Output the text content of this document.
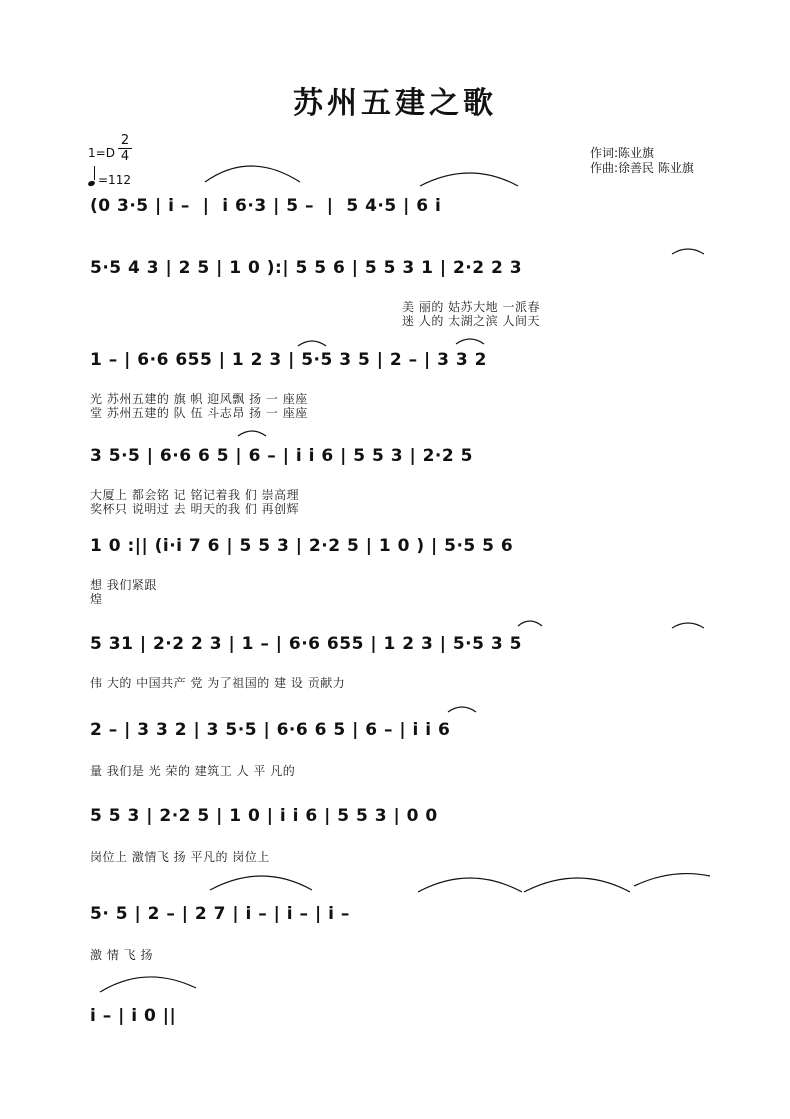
苏州五建之歌
1=D
2
4
=112
作词:陈业旗
作曲:徐善民 陈业旗
(0 3·5 | i –  |  i 6·3 | 5 –  |  5 4·5 | 6 i
5·5 4 3 | 2 5 | 1 0 ):| 5 5 6 | 5 5 3 1 | 2·2 2 3
美 丽的 姑苏大地 一派春
迷 人的 太湖之滨 人间天
1 – | 6·6 655 | 1 2 3 | 5·5 3 5 | 2 – | 3 3 2
光 苏州五建的 旗 帜 迎风飘 扬 一 座座
堂 苏州五建的 队 伍 斗志昂 扬 一 座座
3 5·5 | 6·6 6 5 | 6 – | i i 6 | 5 5 3 | 2·2 5
大厦上 都会铭 记 铭记着我 们 崇高理
奖杯只 说明过 去 明天的我 们 再创辉
1 0 :|| (i·i 7 6 | 5 5 3 | 2·2 5 | 1 0 ) | 5·5 5 6
想 我们紧跟
煌
5 31 | 2·2 2 3 | 1 – | 6·6 655 | 1 2 3 | 5·5 3 5
伟 大的 中国共产 党 为了祖国的 建 设 贡献力
2 – | 3 3 2 | 3 5·5 | 6·6 6 5 | 6 – | i i 6
量 我们是 光 荣的 建筑工 人 平 凡的
5 5 3 | 2·2 5 | 1 0 | i i 6 | 5 5 3 | 0 0
岗位上 激情飞 扬 平凡的 岗位上
5· 5 | 2 – | 2 7 | i – | i – | i –
激 情 飞 扬
i – | i 0 ||
